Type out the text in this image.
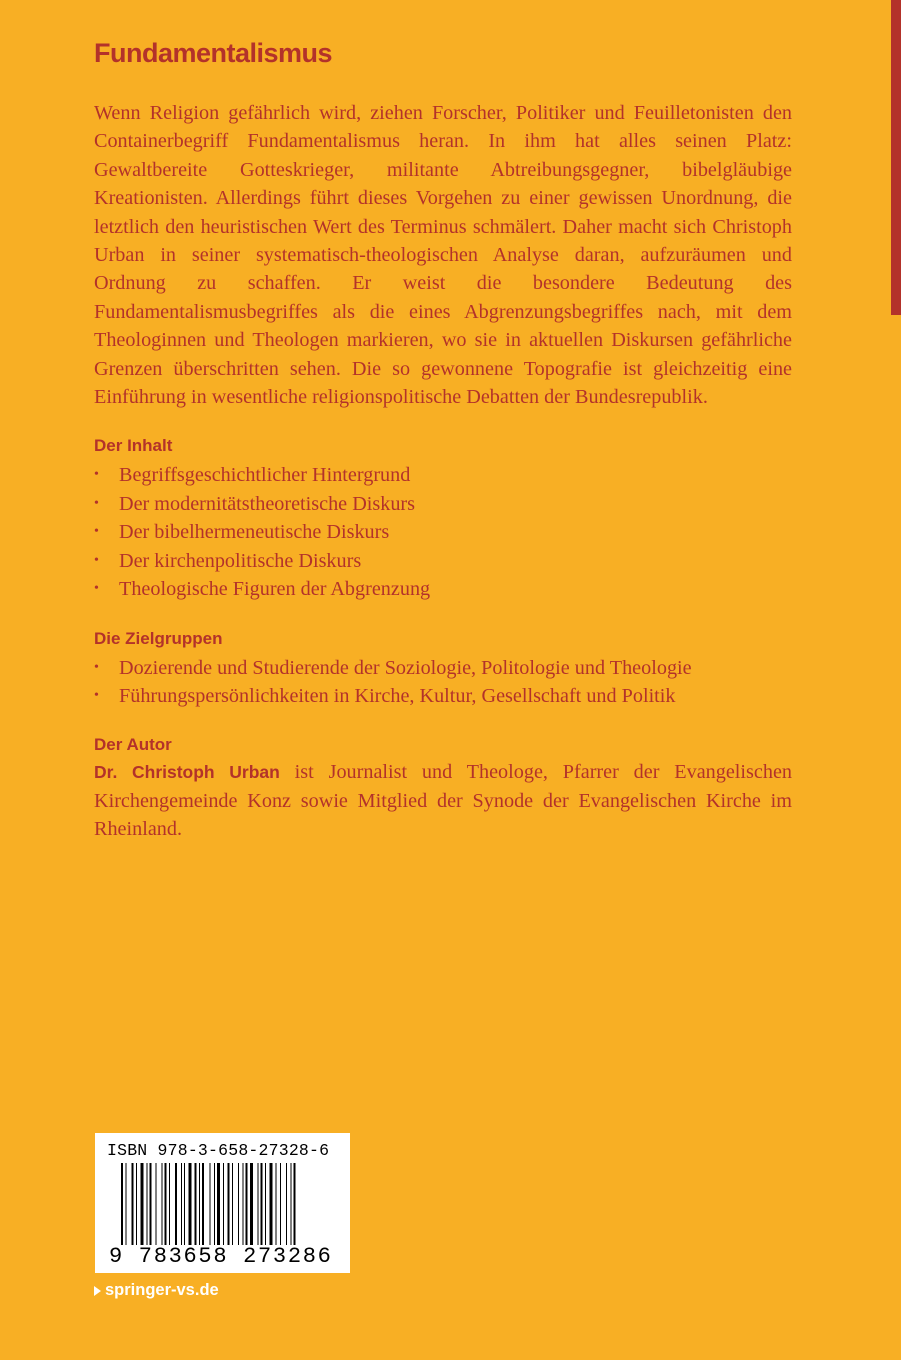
Fundamentalismus

Wenn Religion gefährlich wird, ziehen Forscher, Politiker und Feuilletonisten den Containerbegriff Fundamentalismus heran. In ihm hat alles seinen Platz: Gewaltbereite Gotteskrieger, militante Abtreibungsgegner, bibelgläubige Kreationisten. Allerdings führt dieses Vorgehen zu einer gewissen Unordnung, die letztlich den heuristischen Wert des Terminus schmälert. Daher macht sich Christoph Urban in seiner systematisch-theologischen Analyse daran, aufzuräumen und Ordnung zu schaffen. Er weist die besondere Bedeutung des Fundamentalismusbegriffes als die eines Abgrenzungsbegriffes nach, mit dem Theologinnen und Theologen markieren, wo sie in aktuellen Diskursen gefährliche Grenzen überschritten sehen. Die so gewonnene Topografie ist gleichzeitig eine Einführung in wesentliche religionspolitische Debatten der Bundesrepublik.

Der Inhalt
• Begriffsgeschichtlicher Hintergrund
• Der modernitätstheoretische Diskurs
• Der bibelhermeneutische Diskurs
• Der kirchenpolitische Diskurs
• Theologische Figuren der Abgrenzung
Die Zielgruppen
• Dozierende und Studierende der Soziologie, Politologie und Theologie
• Führungspersönlichkeiten in Kirche, Kultur, Gesellschaft und Politik
Der Autor

Dr. Christoph Urban ist Journalist und Theologe, Pfarrer der Evangelischen Kirchengemeinde Konz sowie Mitglied der Synode der Evangelischen Kirche im Rheinland.

ISBN 978-3-658-27328-6
9 783658 273286
springer-vs.de
